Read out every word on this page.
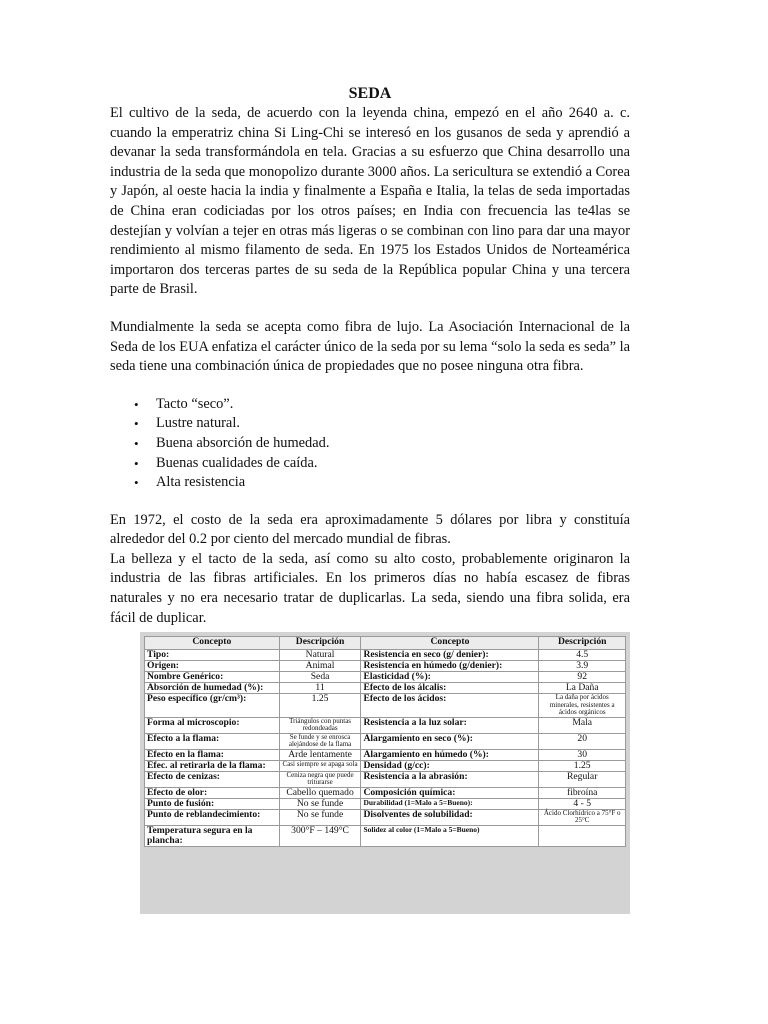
SEDA

El cultivo de la seda, de acuerdo con la leyenda china, empezó en el año 2640 a. c. cuando la emperatriz china Si Ling-Chi se interesó en los gusanos de seda y aprendió a devanar la seda transformándola en tela. Gracias a su esfuerzo que China desarrollo una industria de la seda que monopolizo durante 3000 años. La sericultura se extendió a Corea y Japón, al oeste hacia la india y finalmente a España e Italia, la telas de seda importadas de China eran codiciadas por los otros países; en India con frecuencia las te4las se destejían y volvían a tejer en otras más ligeras o se combinan con lino para dar una mayor rendimiento al mismo filamento de seda. En 1975 los Estados Unidos de Norteamérica importaron dos terceras partes de su seda de la República popular China y una tercera parte de Brasil.

Mundialmente la seda se acepta como fibra de lujo. La Asociación Internacional de la Seda de los EUA enfatiza el carácter único de la seda por su lema “solo la seda es seda” la seda tiene una combinación única de propiedades que no posee ninguna otra fibra.

• Tacto “seco”.
• Lustre natural.
• Buena absorción de humedad.
• Buenas cualidades de caída.
• Alta resistencia

En 1972, el costo de la seda era aproximadamente 5 dólares por libra y constituía alrededor del 0.2 por ciento del mercado mundial de fibras.

La belleza y el tacto de la seda, así como su alto costo, probablemente originaron la industria de las fibras artificiales. En los primeros días no había escasez de fibras naturales y no era necesario tratar de duplicarlas. La seda, siendo una fibra solida, era fácil de duplicar.

Concepto	Descripción	Concepto	Descripción
Tipo:	Natural	Resistencia en seco (g/ denier):	4.5
Origen:	Animal	Resistencia en húmedo (g/denier):	3.9
Nombre Genérico:	Seda	Elasticidad (%):	92
Absorción de humedad (%):	11	Efecto de los álcalis:	La Daña
Peso específico (gr/cm³):	1.25	Efecto de los ácidos:	La daña por ácidos minerales, resistentes a ácidos orgánicos
Forma al microscopio:	Triángulos con puntas redondeadas	Resistencia a la luz solar:	Mala
Efecto a la flama:	Se funde y se enrosca alejándose de la flama	Alargamiento en seco (%):	20
Efecto en la flama:	Arde lentamente	Alargamiento en húmedo (%):	30
Efec. al retirarla de la flama:	Casi siempre se apaga sola	Densidad (g/cc):	1.25
Efecto de cenizas:	Ceniza negra que puede triturarse	Resistencia a la abrasión:	Regular
Efecto de olor:	Cabello quemado	Composición química:	fibroína
Punto de fusión:	No se funde	Durabilidad (1=Malo a 5=Bueno):	4 - 5
Punto de reblandecimiento:	No se funde	Disolventes de solubilidad:	Ácido Clorhídrico a 75°F o 25°C
Temperatura segura en la plancha:	300°F – 149°C	Solidez al color (1=Malo a 5=Bueno)	
